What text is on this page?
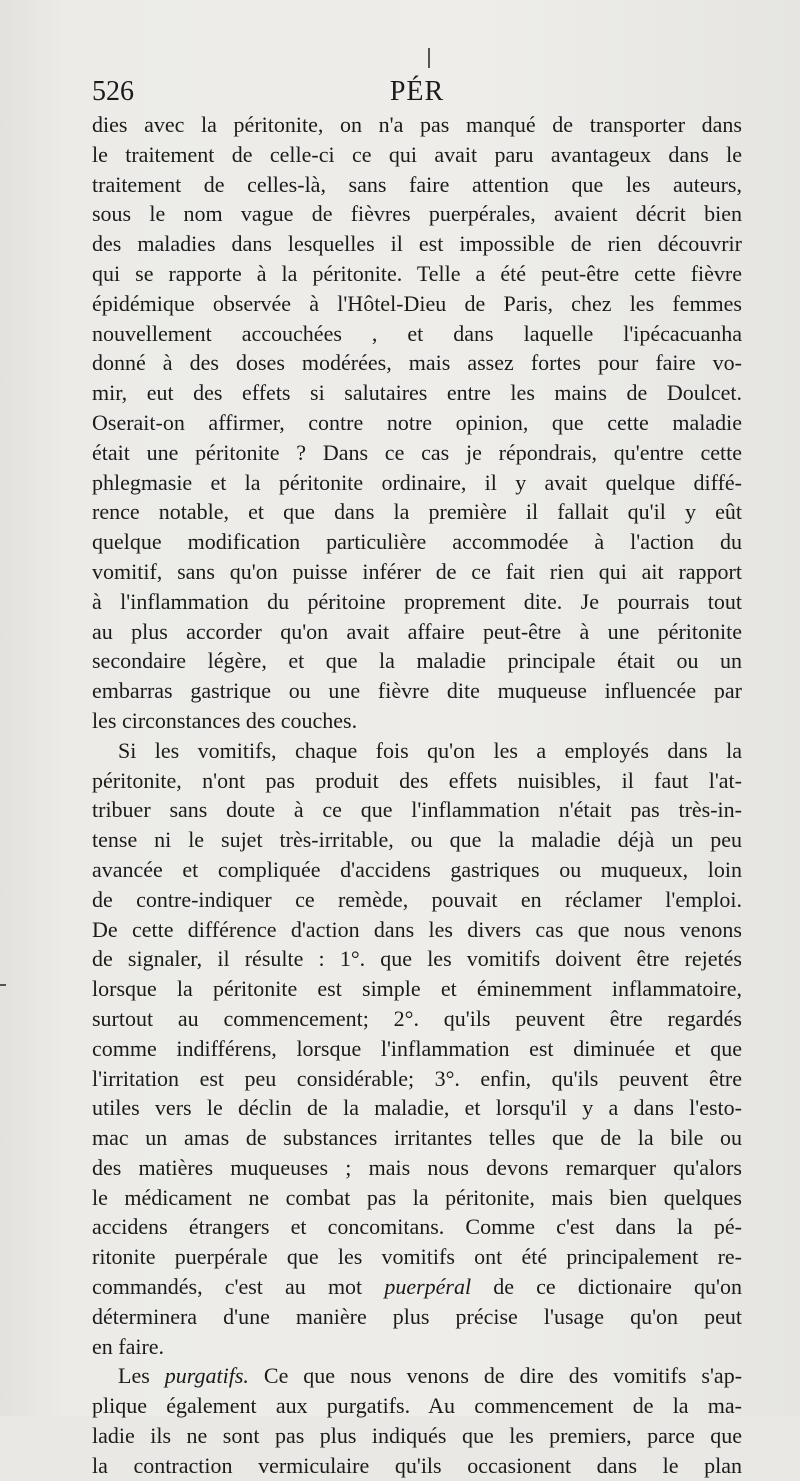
526	PÉR
dies avec la péritonite, on n'a pas manqué de transporter dans
le traitement de celle-ci ce qui avait paru avantageux dans le
traitement de celles-là, sans faire attention que les auteurs,
sous le nom vague de fièvres puerpérales, avaient décrit bien
des maladies dans lesquelles il est impossible de rien découvrir
qui se rapporte à la péritonite. Telle a été peut-être cette fièvre
épidémique observée à l'Hôtel-Dieu de Paris, chez les femmes
nouvellement accouchées , et dans laquelle l'ipécacuanha
donné à des doses modérées, mais assez fortes pour faire vo-
mir, eut des effets si salutaires entre les mains de Doulcet.
Oserait-on affirmer, contre notre opinion, que cette maladie
était une péritonite ? Dans ce cas je répondrais, qu'entre cette
phlegmasie et la péritonite ordinaire, il y avait quelque diffé-
rence notable, et que dans la première il fallait qu'il y eût
quelque modification particulière accommodée à l'action du
vomitif, sans qu'on puisse inférer de ce fait rien qui ait rapport
à l'inflammation du péritoine proprement dite. Je pourrais tout
au plus accorder qu'on avait affaire peut-être à une péritonite
secondaire légère, et que la maladie principale était ou un
embarras gastrique ou une fièvre dite muqueuse influencée par
les circonstances des couches.
Si les vomitifs, chaque fois qu'on les a employés dans la
péritonite, n'ont pas produit des effets nuisibles, il faut l'at-
tribuer sans doute à ce que l'inflammation n'était pas très-in-
tense ni le sujet très-irritable, ou que la maladie déjà un peu
avancée et compliquée d'accidens gastriques ou muqueux, loin
de contre-indiquer ce remède, pouvait en réclamer l'emploi.
De cette différence d'action dans les divers cas que nous venons
de signaler, il résulte : 1°. que les vomitifs doivent être rejetés
lorsque la péritonite est simple et éminemment inflammatoire,
surtout au commencement; 2°. qu'ils peuvent être regardés
comme indifférens, lorsque l'inflammation est diminuée et que
l'irritation est peu considérable; 3°. enfin, qu'ils peuvent être
utiles vers le déclin de la maladie, et lorsqu'il y a dans l'esto-
mac un amas de substances irritantes telles que de la bile ou
des matières muqueuses ; mais nous devons remarquer qu'alors
le médicament ne combat pas la péritonite, mais bien quelques
accidens étrangers et concomitans. Comme c'est dans la pé-
ritonite puerpérale que les vomitifs ont été principalement re-
commandés, c'est au mot puerpéral de ce dictionaire qu'on
déterminera d'une manière plus précise l'usage qu'on peut
en faire.
Les purgatifs. Ce que nous venons de dire des vomitifs s'ap-
plique également aux purgatifs. Au commencement de la ma-
ladie ils ne sont pas plus indiqués que les premiers, parce que
la contraction vermiculaire qu'ils occasionent dans le plan
